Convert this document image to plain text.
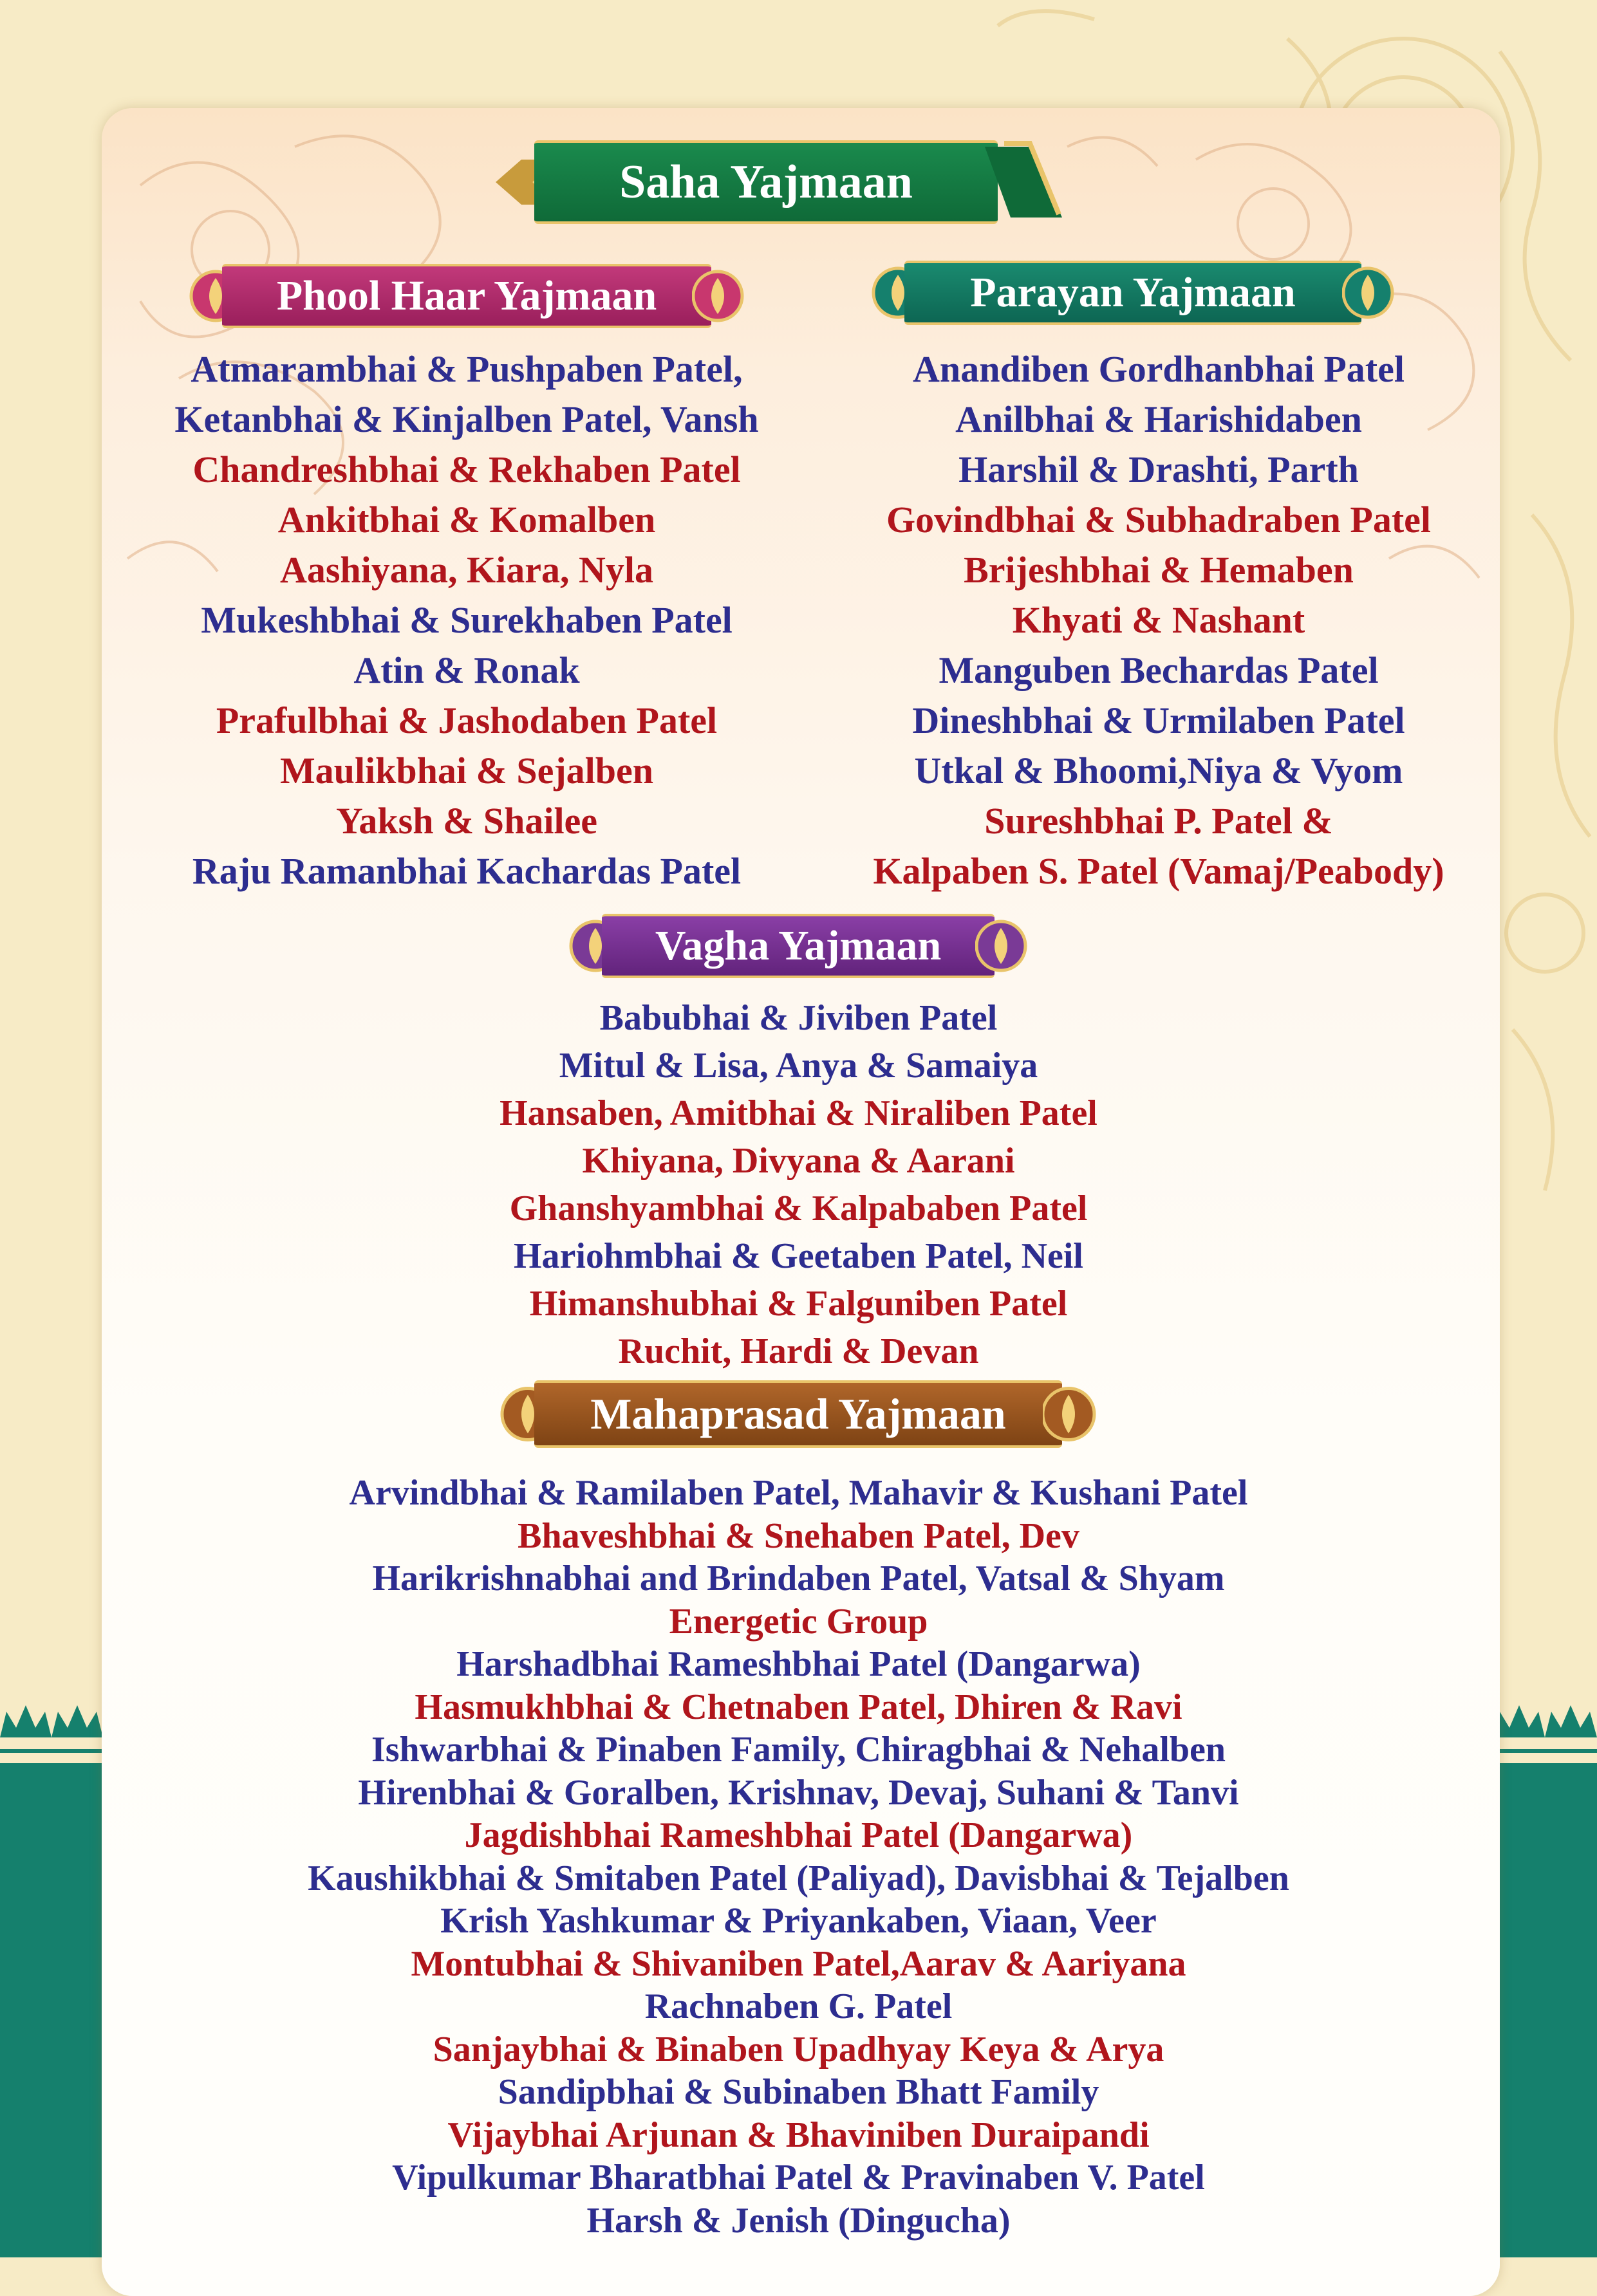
Saha Yajmaan
Phool Haar Yajmaan	Parayan Yajmaan
Atmarambhai & Pushpaben Patel,
Ketanbhai & Kinjalben Patel, Vansh
Chandreshbhai & Rekhaben Patel
Ankitbhai & Komalben
Aashiyana, Kiara, Nyla
Mukeshbhai & Surekhaben Patel
Atin & Ronak
Prafulbhai & Jashodaben Patel
Maulikbhai & Sejalben
Yaksh & Shailee
Raju Ramanbhai Kachardas Patel
Anandiben Gordhanbhai Patel
Anilbhai & Harishidaben
Harshil & Drashti, Parth
Govindbhai & Subhadraben Patel
Brijeshbhai & Hemaben
Khyati & Nashant
Manguben Bechardas Patel
Dineshbhai & Urmilaben Patel
Utkal & Bhoomi,Niya & Vyom
Sureshbhai P. Patel &
Kalpaben S. Patel (Vamaj/Peabody)
Vagha Yajmaan
Babubhai & Jiviben Patel
Mitul & Lisa, Anya & Samaiya
Hansaben, Amitbhai & Niraliben Patel
Khiyana, Divyana & Aarani
Ghanshyambhai & Kalpababen Patel
Hariohmbhai & Geetaben Patel, Neil
Himanshubhai & Falguniben Patel
Ruchit, Hardi & Devan
Mahaprasad Yajmaan
Arvindbhai & Ramilaben Patel, Mahavir & Kushani Patel
Bhaveshbhai & Snehaben Patel, Dev
Harikrishnabhai and Brindaben Patel, Vatsal & Shyam
Energetic Group
Harshadbhai Rameshbhai Patel (Dangarwa)
Hasmukhbhai & Chetnaben Patel, Dhiren & Ravi
Ishwarbhai & Pinaben Family, Chiragbhai & Nehalben
Hirenbhai & Goralben, Krishnav, Devaj, Suhani & Tanvi
Jagdishbhai Rameshbhai Patel (Dangarwa)
Kaushikbhai & Smitaben Patel (Paliyad), Davisbhai & Tejalben
Krish Yashkumar & Priyankaben, Viaan, Veer
Montubhai & Shivaniben Patel,Aarav & Aariyana
Rachnaben G. Patel
Sanjaybhai & Binaben Upadhyay Keya & Arya
Sandipbhai & Subinaben Bhatt Family
Vijaybhai Arjunan & Bhaviniben Duraipandi
Vipulkumar Bharatbhai Patel & Pravinaben V. Patel
Harsh & Jenish (Dingucha)
